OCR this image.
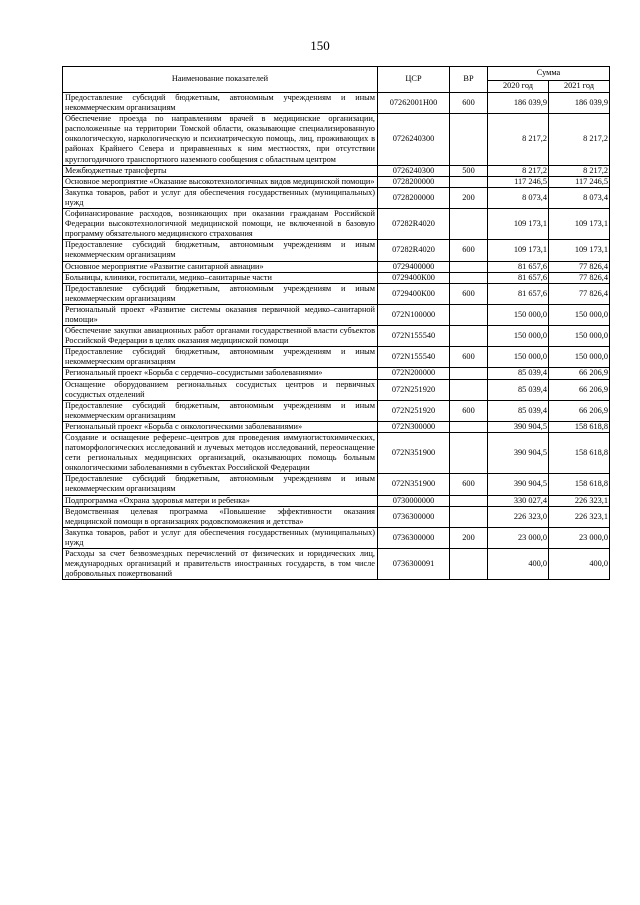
150
Наименование показателей	ЦСР	ВР	Сумма	
			2020 год	2021 год
Предоставление субсидий бюджетным, автономным учреждениям и иным некоммерческим организациям	07262001Н00	600	186 039,9	186 039,9
Обеспечение проезда по направлениям врачей в медицинские организации, расположенные на территории Томской области, оказывающие специализированную онкологическую, наркологическую и психиатрическую помощь, лиц, проживающих в районах Крайнего Севера и приравненных к ним местностях, при отсутствии круглогодичного транспортного наземного сообщения с областным центром	0726240300		8 217,2	8 217,2
Межбюджетные трансферты	0726240300	500	8 217,2	8 217,2
Основное мероприятие «Оказание высокотехнологичных видов медицинской помощи»	0728200000		117 246,5	117 246,5
Закупка товаров, работ и услуг для обеспечения государственных (муниципальных) нужд	0728200000	200	8 073,4	8 073,4
Софинансирование расходов, возникающих при оказании гражданам Российской Федерации высокотехнологичной медицинской помощи, не включенной в базовую программу обязательного медицинского страхования	07282R4020		109 173,1	109 173,1
Предоставление субсидий бюджетным, автономным учреждениям и иным некоммерческим организациям	07282R4020	600	109 173,1	109 173,1
Основное мероприятие «Развитие санитарной авиации»	0729400000		81 657,6	77 826,4
Больницы, клиники, госпитали, медико–санитарные части	0729400К00		81 657,6	77 826,4
Предоставление субсидий бюджетным, автономным учреждениям и иным некоммерческим организациям	0729400К00	600	81 657,6	77 826,4
Региональный проект «Развитие системы оказания первичной медико–санитарной помощи»	072N100000		150 000,0	150 000,0
Обеспечение закупки авиационных работ органами государственной власти субъектов Российской Федерации в целях оказания медицинской помощи	072N155540		150 000,0	150 000,0
Предоставление субсидий бюджетным, автономным учреждениям и иным некоммерческим организациям	072N155540	600	150 000,0	150 000,0
Региональный проект «Борьба с сердечно–сосудистыми заболеваниями»	072N200000		85 039,4	66 206,9
Оснащение оборудованием региональных сосудистых центров и первичных сосудистых отделений	072N251920		85 039,4	66 206,9
Предоставление субсидий бюджетным, автономным учреждениям и иным некоммерческим организациям	072N251920	600	85 039,4	66 206,9
Региональный проект «Борьба с онкологическими заболеваниями»	072N300000		390 904,5	158 618,8
Создание и оснащение референс–центров для проведения иммуногистохимических, патоморфологических исследований и лучевых методов исследований, переоснащение сети региональных медицинских организаций, оказывающих помощь больным онкологическими заболеваниями в субъектах Российской Федерации	072N351900		390 904,5	158 618,8
Предоставление субсидий бюджетным, автономным учреждениям и иным некоммерческим организациям	072N351900	600	390 904,5	158 618,8
Подпрограмма «Охрана здоровья матери и ребенка»	0730000000		330 027,4	226 323,1
Ведомственная целевая программа «Повышение эффективности оказания медицинской помощи в организациях родовспоможения и детства»	0736300000		226 323,0	226 323,1
Закупка товаров, работ и услуг для обеспечения государственных (муниципальных) нужд	0736300000	200	23 000,0	23 000,0
Расходы за счет безвозмездных перечислений от физических и юридических лиц, международных организаций и правительств иностранных государств, в том числе добровольных пожертвований	0736300091		400,0	400,0
